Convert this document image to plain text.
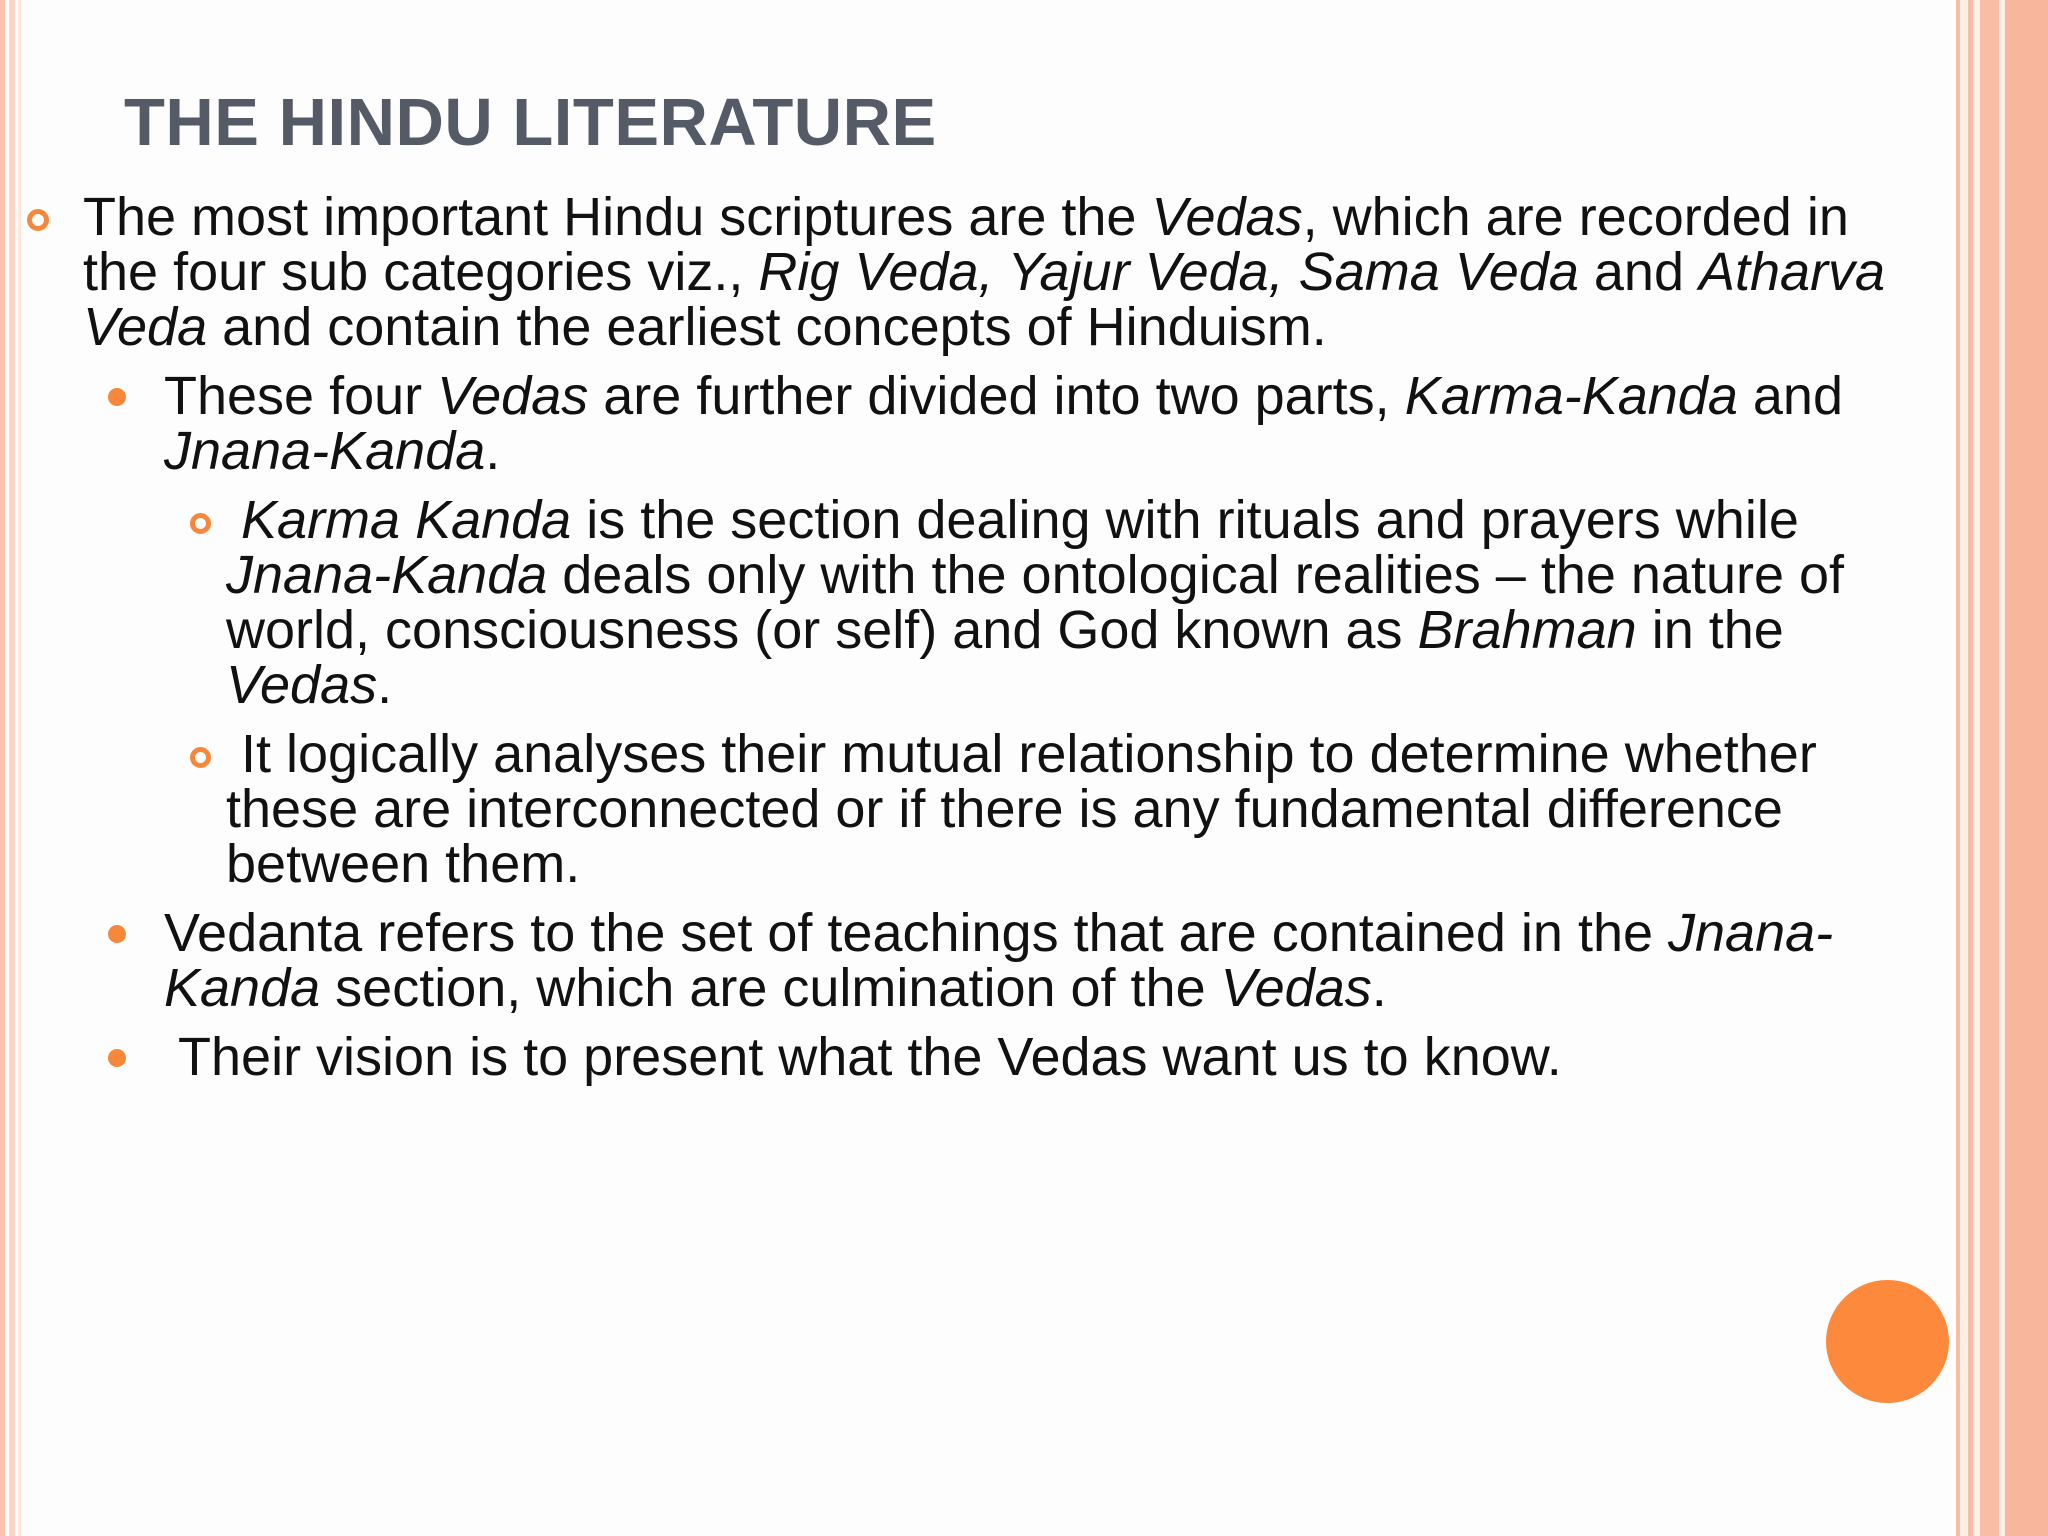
THE HINDU LITERATURE
The most important Hindu scriptures are the Vedas, which are recorded in
the four sub categories viz., Rig Veda, Yajur Veda, Sama Veda and Atharva
Veda and contain the earliest concepts of Hinduism.
These four Vedas are further divided into two parts, Karma-Kanda and
Jnana-Kanda.
Karma Kanda is the section dealing with rituals and prayers while
Jnana-Kanda deals only with the ontological realities – the nature of
world, consciousness (or self) and God known as Brahman in the
Vedas.
It logically analyses their mutual relationship to determine whether
these are interconnected or if there is any fundamental difference
between them.
Vedanta refers to the set of teachings that are contained in the Jnana-
Kanda section, which are culmination of the Vedas.
Their vision is to present what the Vedas want us to know.
